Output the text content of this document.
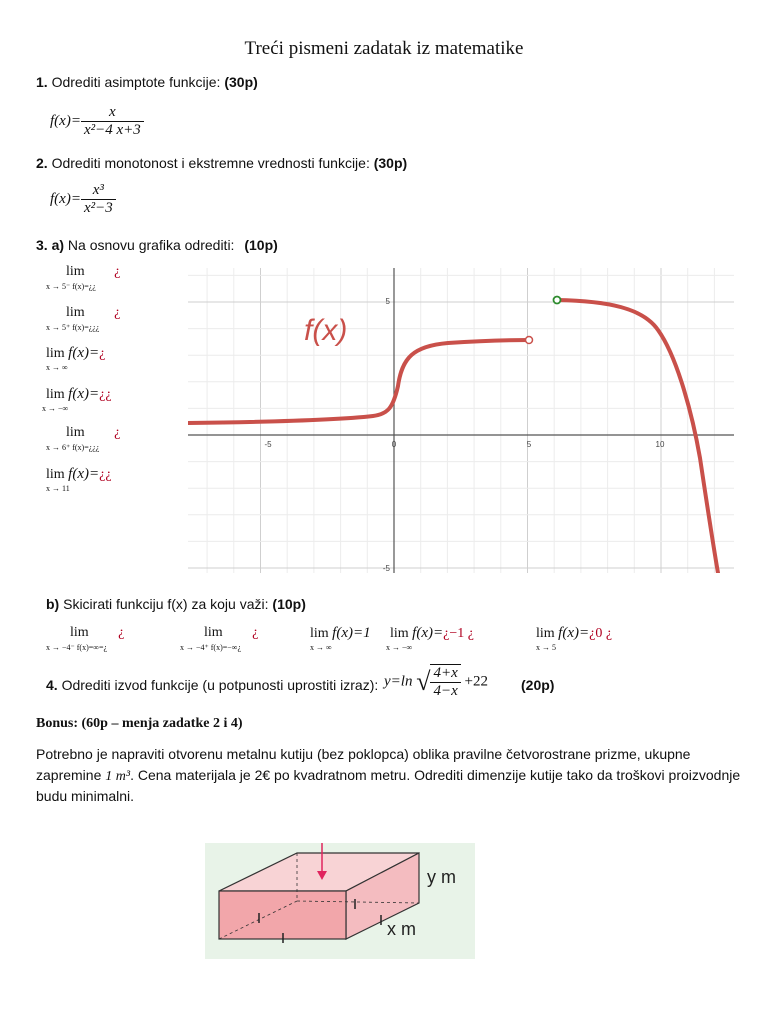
Treći pismeni zadatak iz matematike
1. Odrediti asimptote funkcije: (30p)
$f(x)= \frac{x}{\text{x²−4 x+3}}$
2. Odrediti monotonost i ekstremne vrednosti funkcije: (30p)
$f(x)= \frac{\text{x³}}{\text{x²−3}}$
3. a) Na osnovu grafika odrediti: (10p)
lim ¿
x → 5⁻ f(x)=¿¿
lim ¿
x → 5⁺ f(x)=¿¿¿
lim f(x)=¿
x → ∞
lim f(x)=¿¿
x → −∞
lim ¿
x → 6⁺ f(x)=¿¿¿
lim f(x)=¿¿
x → 11
-5	0	5	10
5
-5
f(x)
b) Skicirati funkciju f(x) za koju važi: (10p)
lim ¿
x → −4⁻ f(x)=∞=¿
lim ¿
x → −4⁺ f(x)=−∞¿
lim f(x)=1
x → ∞
lim f(x)=¿−1 ¿
x → −∞
lim f(x)=¿0 ¿
x → 5
4. Odrediti izvod funkcije (u potpunosti uprostiti izraz): y=ln √ $\frac{4+x}{4-x} +22$ (20p)
Bonus: (60p – menja zadatke 2 i 4)
Potrebno je napraviti otvorenu metalnu kutiju (bez poklopca) oblika pravilne četvorostrane prizme, ukupne
zapremine 1 m³. Cena materijala je 2€ po kvadratnom metru. Odrediti dimenzije kutije tako da troškovi proizvodnje
budu minimalni.
y m
x m
